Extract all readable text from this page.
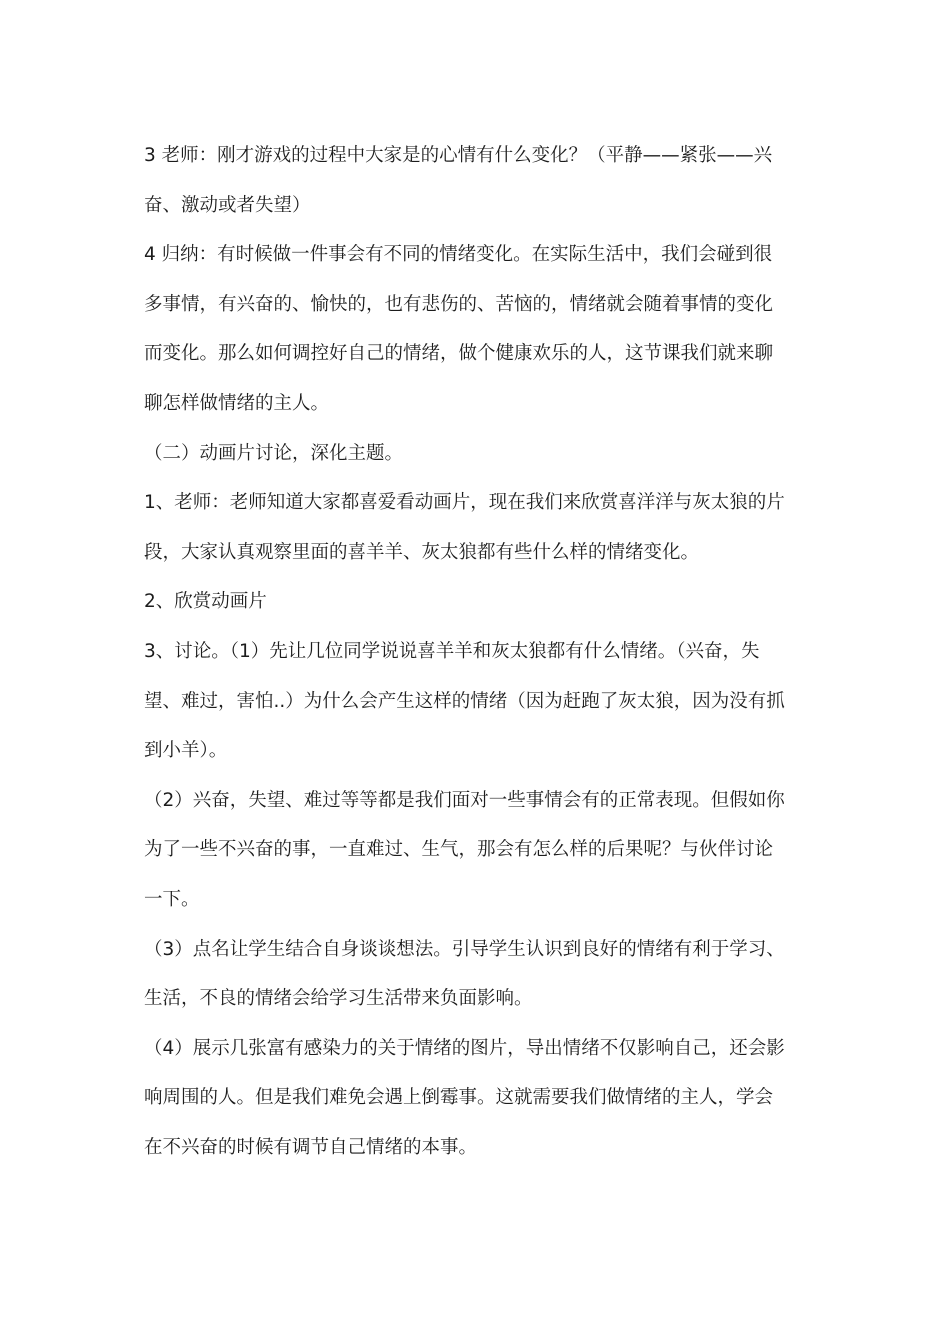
3 老师：刚才游戏的过程中大家是的心情有什么变化？（平静——紧张——兴
奋、激动或者失望）
4 归纳：有时候做一件事会有不同的情绪变化。在实际生活中，我们会碰到很
多事情，有兴奋的、愉快的，也有悲伤的、苦恼的，情绪就会随着事情的变化
而变化。那么如何调控好自己的情绪，做个健康欢乐的人，这节课我们就来聊
聊怎样做情绪的主人。
（二）动画片讨论，深化主题。
1、老师：老师知道大家都喜爱看动画片，现在我们来欣赏喜洋洋与灰太狼的片
段，大家认真观察里面的喜羊羊、灰太狼都有些什么样的情绪变化。
2、欣赏动画片
3、讨论。（1）先让几位同学说说喜羊羊和灰太狼都有什么情绪。（兴奋，失
望、难过，害怕..）为什么会产生这样的情绪（因为赶跑了灰太狼，因为没有抓
到小羊）。
（2）兴奋，失望、难过等等都是我们面对一些事情会有的正常表现。但假如你
为了一些不兴奋的事，一直难过、生气，那会有怎么样的后果呢？与伙伴讨论
一下。
（3）点名让学生结合自身谈谈想法。引导学生认识到良好的情绪有利于学习、
生活，不良的情绪会给学习生活带来负面影响。
（4）展示几张富有感染力的关于情绪的图片，导出情绪不仅影响自己，还会影
响周围的人。但是我们难免会遇上倒霉事。这就需要我们做情绪的主人，学会
在不兴奋的时候有调节自己情绪的本事。
